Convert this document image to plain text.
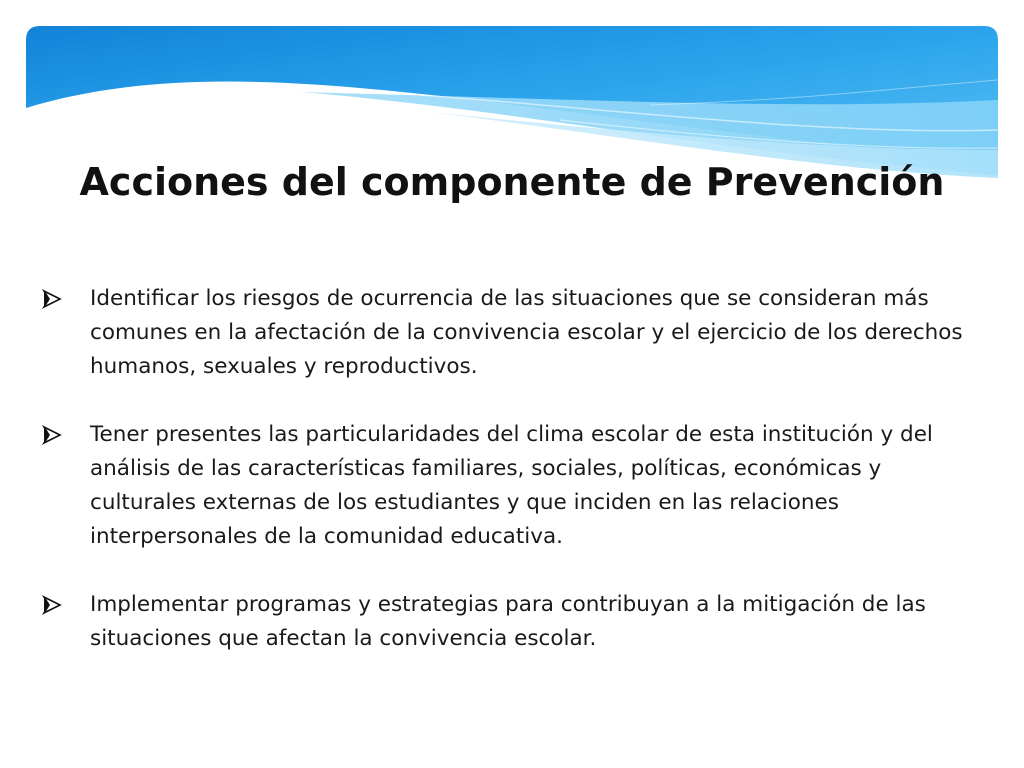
Acciones del componente de Prevención
Identificar los riesgos de ocurrencia de las situaciones que se consideran más comunes en la afectación de la convivencia escolar y el ejercicio de los derechos humanos, sexuales y reproductivos.
Tener presentes las particularidades del clima escolar de esta institución y del análisis de las características familiares, sociales, políticas, económicas y culturales externas de los estudiantes y que inciden en las relaciones interpersonales de la comunidad educativa.
Implementar programas y estrategias para contribuyan a la mitigación de las situaciones que afectan la convivencia escolar.
